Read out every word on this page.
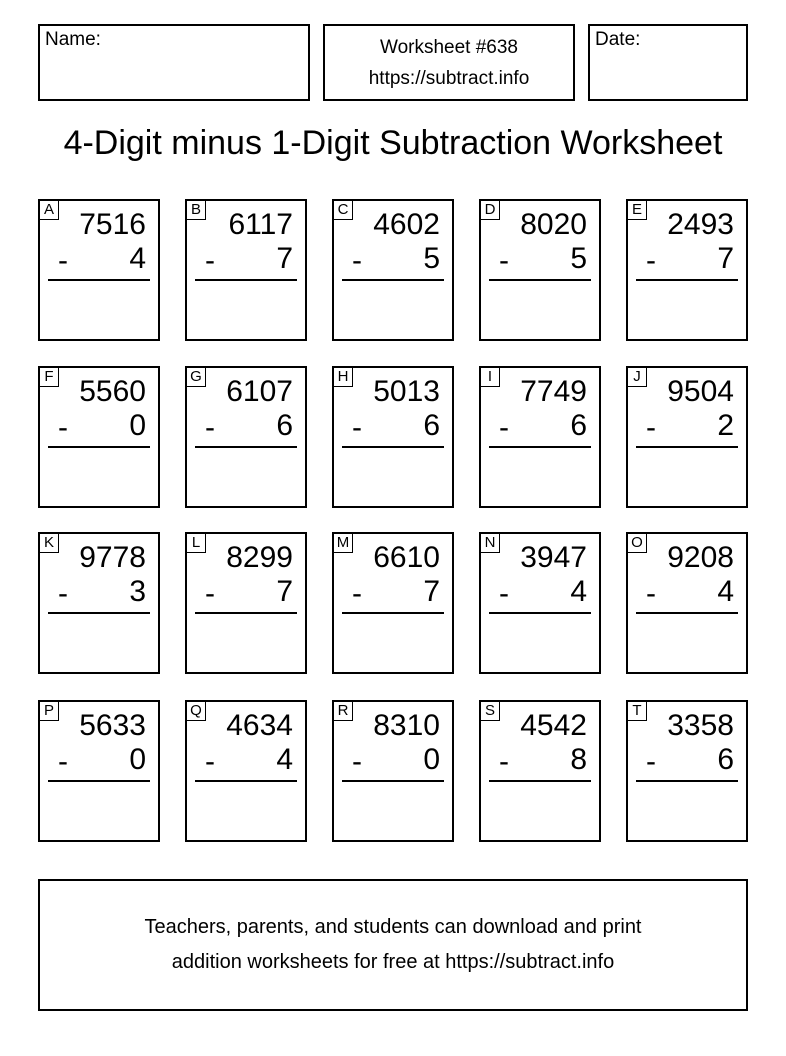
Name:	Worksheet #638
https://subtract.info
Date:
4-Digit minus 1-Digit Subtraction Worksheet
A 7516
- 4
B 6117
- 7
C 4602
- 5
D 8020
- 5
E 2493
- 7
F 5560
- 0
G 6107
- 6
H 5013
- 6
I 7749
- 6
J 9504
- 2
K 9778
- 3
L 8299
- 7
M 6610
- 7
N 3947
- 4
O 9208
- 4
P 5633
- 0
Q 4634
- 4
R 8310
- 0
S 4542
- 8
T 3358
- 6
Teachers, parents, and students can download and print
addition worksheets for free at https://subtract.info
